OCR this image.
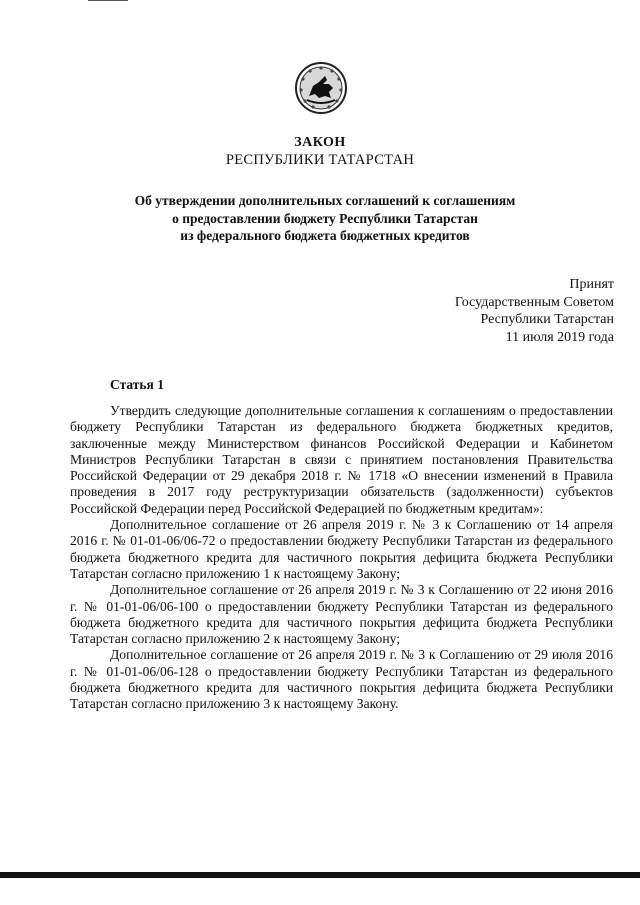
ЗАКОН
РЕСПУБЛИКИ ТАТАРСТАН
Об утверждении дополнительных соглашений к соглашениям
о предоставлении бюджету Республики Татарстан
из федерального бюджета бюджетных кредитов
Принят
Государственным Советом
Республики Татарстан
11 июля 2019 года
Статья 1

Утвердить следующие дополнительные соглашения к соглашениям о предоставлении бюджету Республики Татарстан из федерального бюджета бюджетных кредитов, заключенные между Министерством финансов Российской Федерации и Кабинетом Министров Республики Татарстан в связи с принятием постановления Правительства Российской Федерации от 29 декабря 2018 г. № 1718 «О внесении изменений в Правила проведения в 2017 году реструктуризации обязательств (задолженности) субъектов Российской Федерации перед Российской Федерацией по бюджетным кредитам»:

Дополнительное соглашение от 26 апреля 2019 г. № 3 к Соглашению от 14 апреля 2016 г. № 01-01-06/06-72 о предоставлении бюджету Республики Татарстан из федерального бюджета бюджетного кредита для частичного покрытия дефицита бюджета Республики Татарстан согласно приложению 1 к настоящему Закону;

Дополнительное соглашение от 26 апреля 2019 г. № 3 к Соглашению от 22 июня 2016 г. № 01-01-06/06-100 о предоставлении бюджету Республики Татарстан из федерального бюджета бюджетного кредита для частичного покрытия дефицита бюджета Республики Татарстан согласно приложению 2 к настоящему Закону;

Дополнительное соглашение от 26 апреля 2019 г. № 3 к Соглашению от 29 июля 2016 г. № 01-01-06/06-128 о предоставлении бюджету Республики Татарстан из федерального бюджета бюджетного кредита для частичного покрытия дефицита бюджета Республики Татарстан согласно приложению 3 к настоящему Закону.
